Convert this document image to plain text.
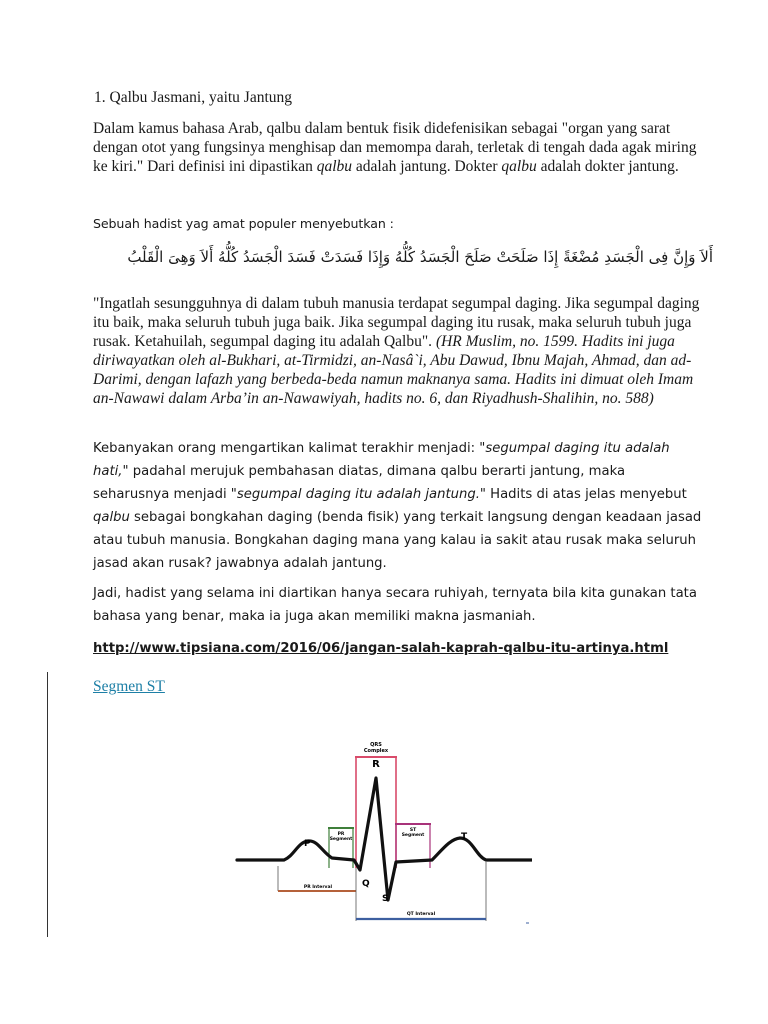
1. Qalbu Jasmani, yaitu Jantung
Dalam kamus bahasa Arab, qalbu dalam bentuk fisik didefenisikan sebagai "organ yang sarat dengan otot yang fungsinya menghisap dan memompa darah, terletak di tengah dada agak miring ke kiri." Dari definisi ini dipastikan qalbu adalah jantung. Dokter qalbu adalah dokter jantung.
Sebuah hadist yag amat populer menyebutkan :
أَلاَ وَإِنَّ فِى الْجَسَدِ مُضْغَةً إِذَا صَلَحَتْ صَلَحَ الْجَسَدُ كُلُّهُ وَإِذَا فَسَدَتْ فَسَدَ الْجَسَدُ كُلُّهُ أَلاَ وَهِىَ الْقَلْبُ
"Ingatlah sesungguhnya di dalam tubuh manusia terdapat segumpal daging. Jika segumpal daging itu baik, maka seluruh tubuh juga baik. Jika segumpal daging itu rusak, maka seluruh tubuh juga rusak. Ketahuilah, segumpal daging itu adalah Qalbu". (HR Muslim, no. 1599. Hadits ini juga diriwayatkan oleh al-Bukhari, at-Tirmidzi, an-Nasâ`i, Abu Dawud, Ibnu Majah, Ahmad, dan ad-Darimi, dengan lafazh yang berbeda-beda namun maknanya sama. Hadits ini dimuat oleh Imam an-Nawawi dalam Arba’in an-Nawawiyah, hadits no. 6, dan Riyadhush-Shalihin, no. 588)
Kebanyakan orang mengartikan kalimat terakhir menjadi: "segumpal daging itu adalah hati," padahal merujuk pembahasan diatas, dimana qalbu berarti jantung, maka seharusnya menjadi "segumpal daging itu adalah jantung." Hadits di atas jelas menyebut qalbu sebagai bongkahan daging (benda fisik) yang terkait langsung dengan keadaan jasad atau tubuh manusia. Bongkahan daging mana yang kalau ia sakit atau rusak maka seluruh jasad akan rusak? jawabnya adalah jantung.
Jadi, hadist yang selama ini diartikan hanya secara ruhiyah, ternyata bila kita gunakan tata bahasa yang benar, maka ia juga akan memiliki makna jasmaniah.
http://www.tipsiana.com/2016/06/jangan-salah-kaprah-qalbu-itu-artinya.html
Segmen ST
QRS
Complex
R
PR
Segment
ST
Segment
P
T
Q
S
PR Interval
QT Interval
